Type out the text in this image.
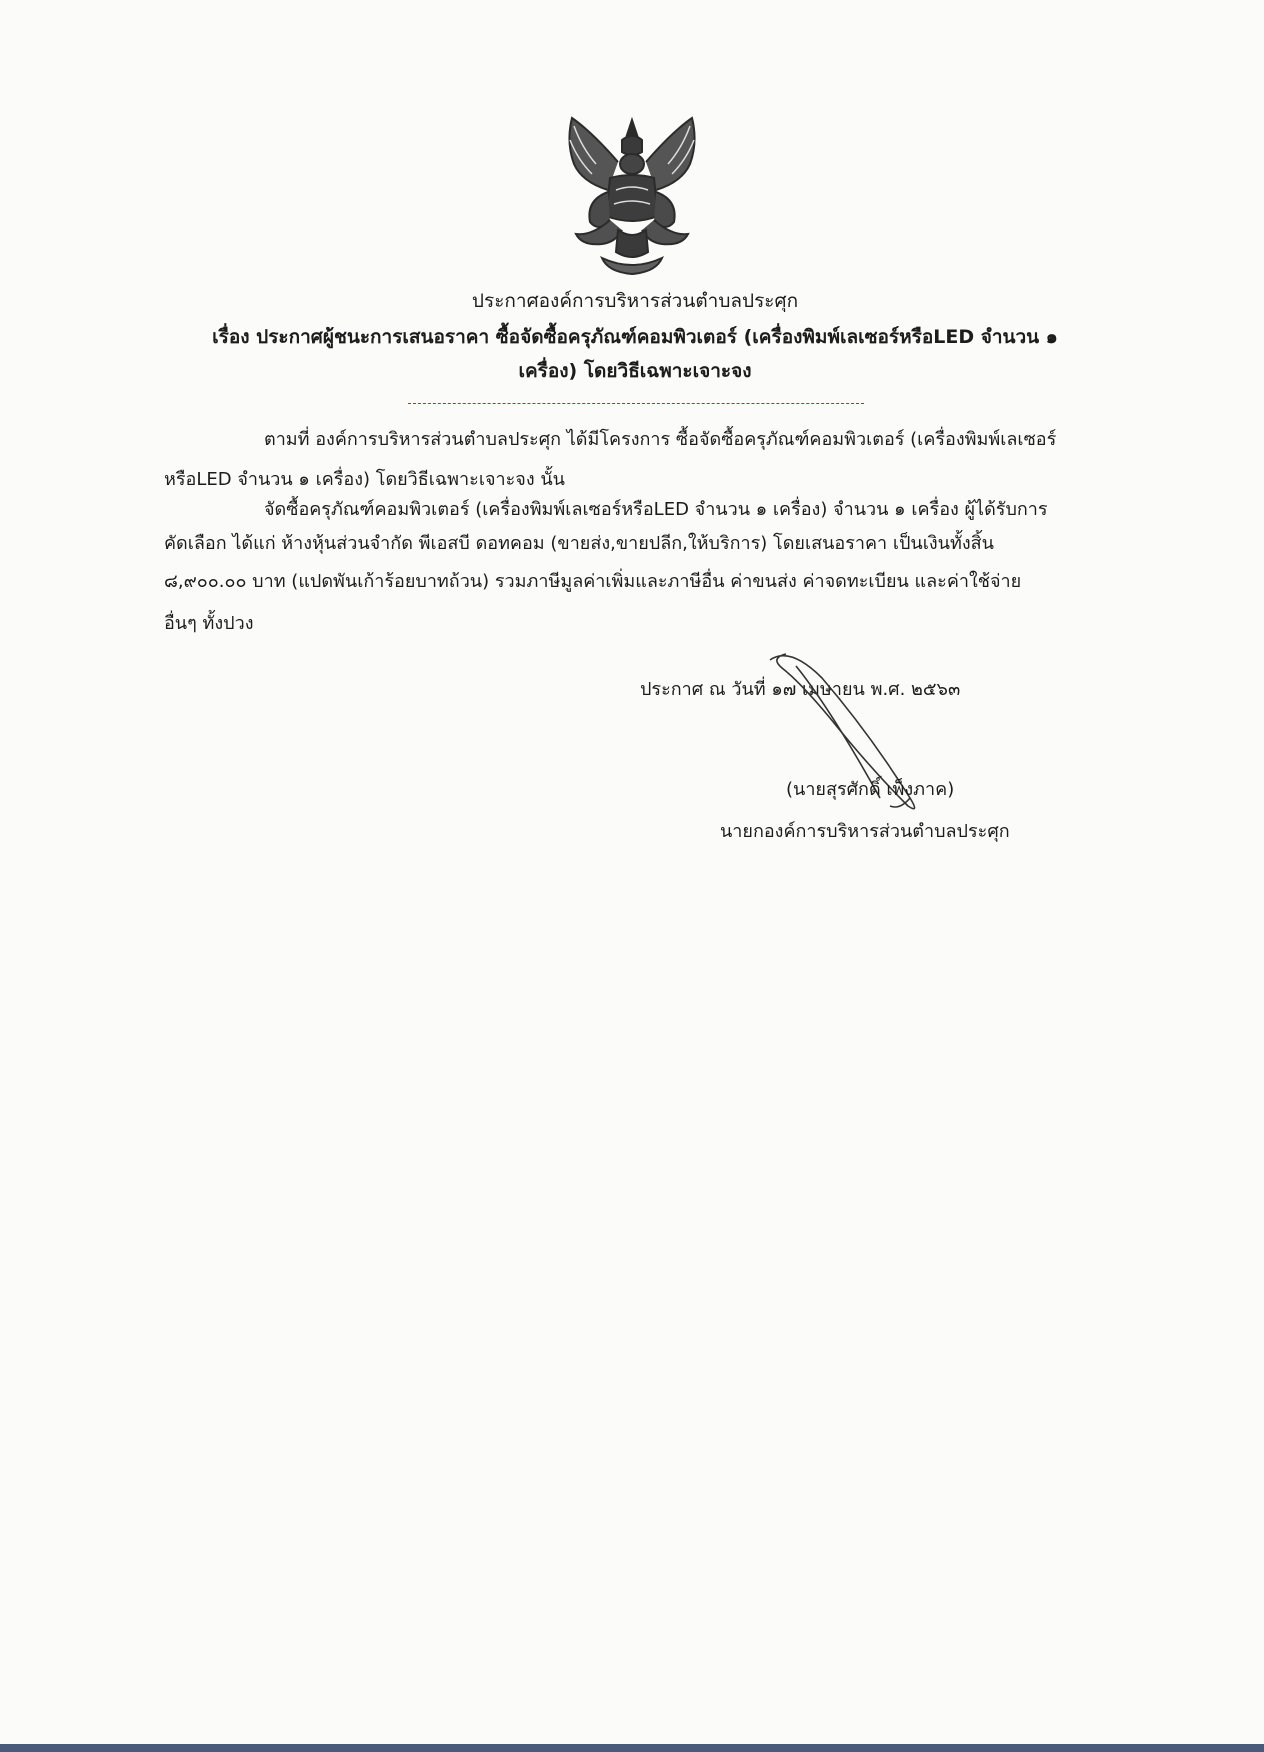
ประกาศองค์การบริหารส่วนตำบลประศุก
เรื่อง ประกาศผู้ชนะการเสนอราคา ซื้อจัดซื้อครุภัณฑ์คอมพิวเตอร์ (เครื่องพิมพ์เลเซอร์หรือLED จำนวน ๑
เครื่อง) โดยวิธีเฉพาะเจาะจง
ตามที่ องค์การบริหารส่วนตำบลประศุก ได้มีโครงการ ซื้อจัดซื้อครุภัณฑ์คอมพิวเตอร์ (เครื่องพิมพ์เลเซอร์
หรือLED จำนวน ๑ เครื่อง) โดยวิธีเฉพาะเจาะจง นั้น
จัดซื้อครุภัณฑ์คอมพิวเตอร์ (เครื่องพิมพ์เลเซอร์หรือLED จำนวน ๑ เครื่อง) จำนวน ๑ เครื่อง ผู้ได้รับการ
คัดเลือก ได้แก่ ห้างหุ้นส่วนจำกัด พีเอสบี ดอทคอม (ขายส่ง,ขายปลีก,ให้บริการ) โดยเสนอราคา เป็นเงินทั้งสิ้น
๘,๙๐๐.๐๐ บาท (แปดพันเก้าร้อยบาทถ้วน) รวมภาษีมูลค่าเพิ่มและภาษีอื่น ค่าขนส่ง ค่าจดทะเบียน และค่าใช้จ่าย
อื่นๆ ทั้งปวง
ประกาศ ณ วันที่ ๑๗ เมษายน พ.ศ. ๒๕๖๓
(นายสุรศักดิ์ เพ็งภาค)
นายกองค์การบริหารส่วนตำบลประศุก
